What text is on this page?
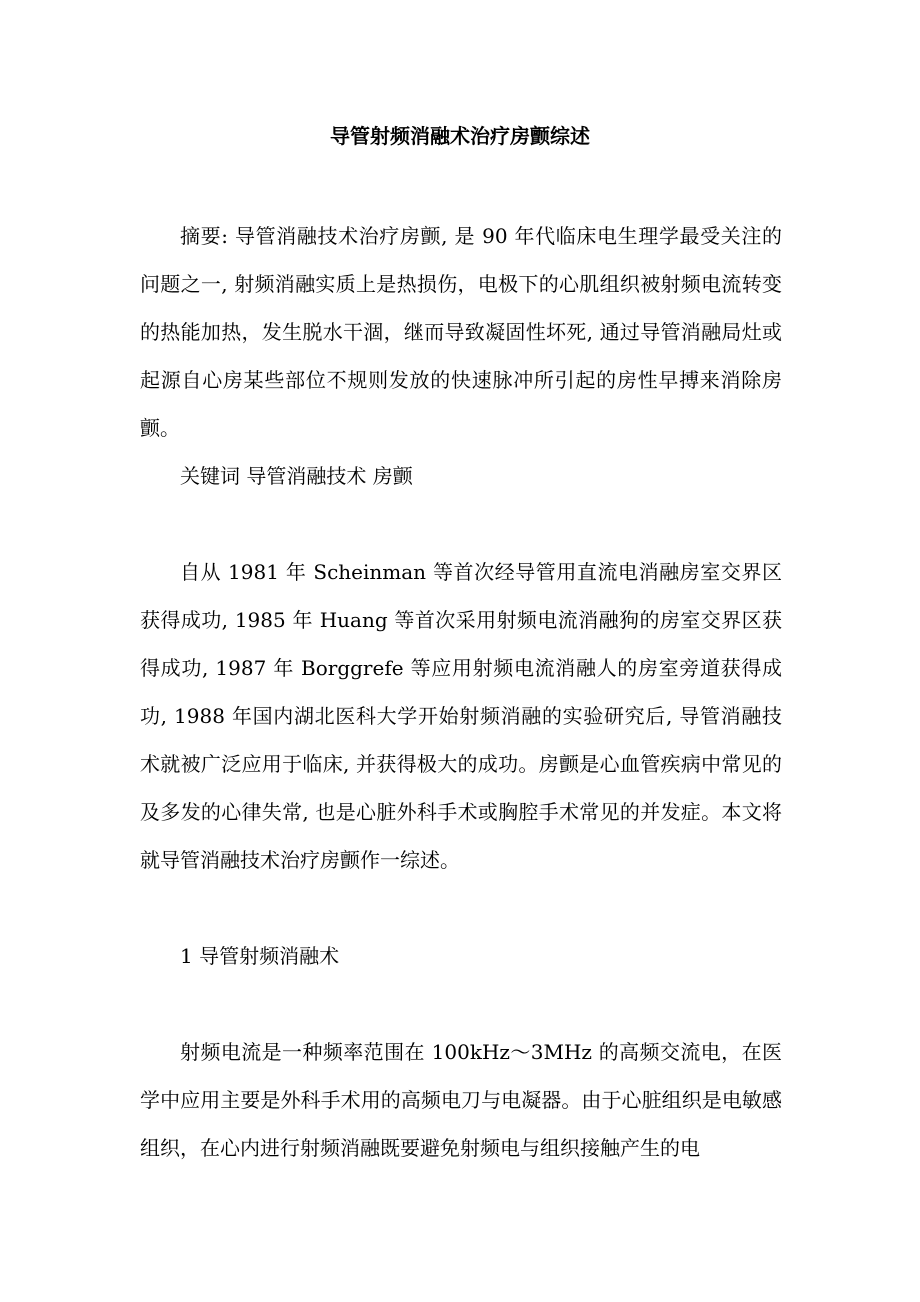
导管射频消融术治疗房颤综述

摘要: 导管消融技术治疗房颤, 是 90 年代临床电生理学最受关注的问题之一, 射频消融实质上是热损伤，电极下的心肌组织被射频电流转变的热能加热，发生脱水干涸，继而导致凝固性坏死, 通过导管消融局灶或起源自心房某些部位不规则发放的快速脉冲所引起的房性早搏来消除房颤。

关键词 导管消融技术 房颤

自从 1981 年 Scheinman 等首次经导管用直流电消融房室交界区获得成功, 1985 年 Huang 等首次采用射频电流消融狗的房室交界区获得成功, 1987 年 Borggrefe 等应用射频电流消融人的房室旁道获得成功, 1988 年国内湖北医科大学开始射频消融的实验研究后, 导管消融技术就被广泛应用于临床, 并获得极大的成功。房颤是心血管疾病中常见的及多发的心律失常, 也是心脏外科手术或胸腔手术常见的并发症。本文将就导管消融技术治疗房颤作一综述。

1 导管射频消融术

射频电流是一种频率范围在 100kHz～3MHz 的高频交流电，在医学中应用主要是外科手术用的高频电刀与电凝器。由于心脏组织是电敏感组织，在心内进行射频消融既要避免射频电与组织接触产生的电
